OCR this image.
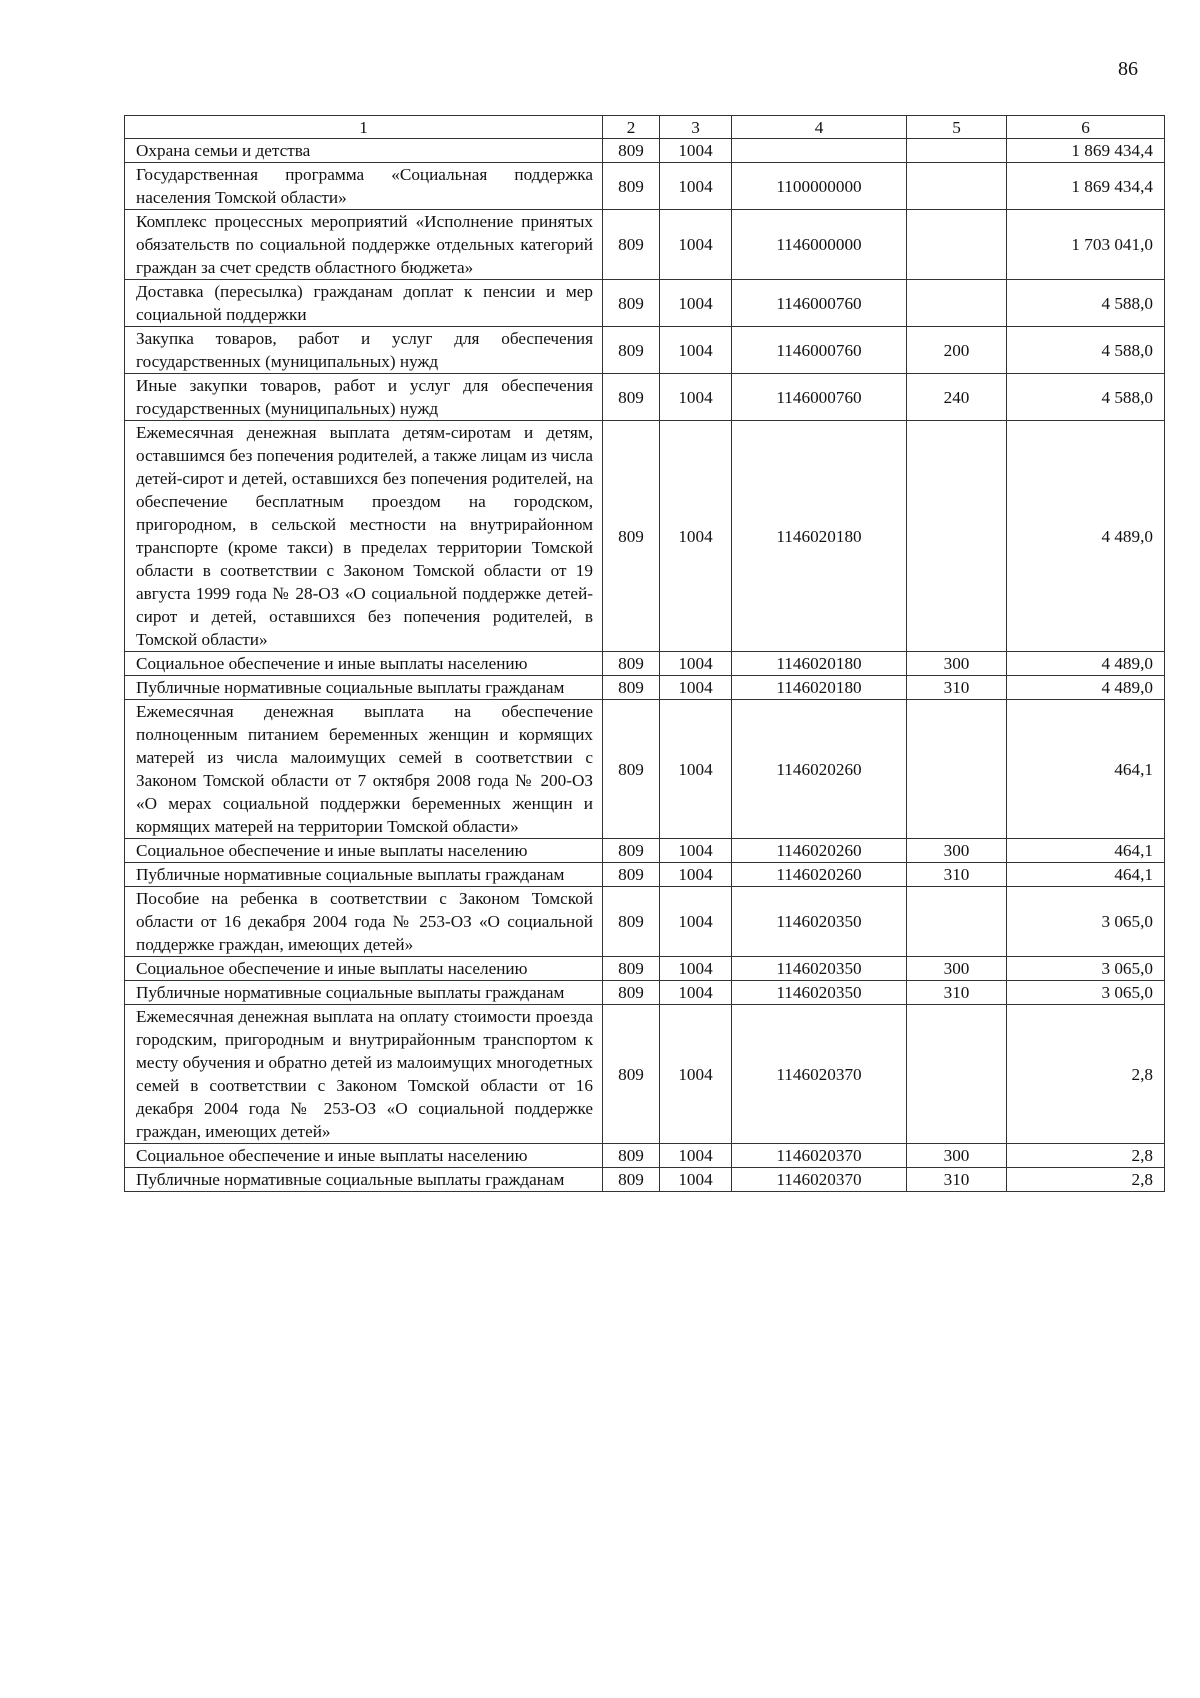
86
1	2	3	4	5	6
Охрана семьи и детства	809	1004			1 869 434,4
Государственная программа «Социальная поддержка населения Томской области»	809	1004	1100000000		1 869 434,4
Комплекс процессных мероприятий «Исполнение принятых обязательств по социальной поддержке отдельных категорий граждан за счет средств областного бюджета»	809	1004	1146000000		1 703 041,0
Доставка (пересылка) гражданам доплат к пенсии и мер социальной поддержки	809	1004	1146000760		4 588,0
Закупка товаров, работ и услуг для обеспечения государственных (муниципальных) нужд	809	1004	1146000760	200	4 588,0
Иные закупки товаров, работ и услуг для обеспечения государственных (муниципальных) нужд	809	1004	1146000760	240	4 588,0
Ежемесячная денежная выплата детям-сиротам и детям, оставшимся без попечения родителей, а также лицам из числа детей-сирот и детей, оставшихся без попечения родителей, на обеспечение бесплатным проездом на городском, пригородном, в сельской местности на внутрирайонном транспорте (кроме такси) в пределах территории Томской области в соответствии с Законом Томской области от 19 августа 1999 года № 28-ОЗ «О социальной поддержке детей-сирот и детей, оставшихся без попечения родителей, в Томской области»	809	1004	1146020180		4 489,0
Социальное обеспечение и иные выплаты населению	809	1004	1146020180	300	4 489,0
Публичные нормативные социальные выплаты гражданам	809	1004	1146020180	310	4 489,0
Ежемесячная денежная выплата на обеспечение полноценным питанием беременных женщин и кормящих матерей из числа малоимущих семей в соответствии с Законом Томской области от 7 октября 2008 года № 200-ОЗ «О мерах социальной поддержки беременных женщин и кормящих матерей на территории Томской области»	809	1004	1146020260		464,1
Социальное обеспечение и иные выплаты населению	809	1004	1146020260	300	464,1
Публичные нормативные социальные выплаты гражданам	809	1004	1146020260	310	464,1
Пособие на ребенка в соответствии с Законом Томской области от 16 декабря 2004 года № 253-ОЗ «О социальной поддержке граждан, имеющих детей»	809	1004	1146020350		3 065,0
Социальное обеспечение и иные выплаты населению	809	1004	1146020350	300	3 065,0
Публичные нормативные социальные выплаты гражданам	809	1004	1146020350	310	3 065,0
Ежемесячная денежная выплата на оплату стоимости проезда городским, пригородным и внутрирайонным транспортом к месту обучения и обратно детей из малоимущих многодетных семей в соответствии с Законом Томской области от 16 декабря 2004 года № 253-ОЗ «О социальной поддержке граждан, имеющих детей»	809	1004	1146020370		2,8
Социальное обеспечение и иные выплаты населению	809	1004	1146020370	300	2,8
Публичные нормативные социальные выплаты гражданам	809	1004	1146020370	310	2,8
